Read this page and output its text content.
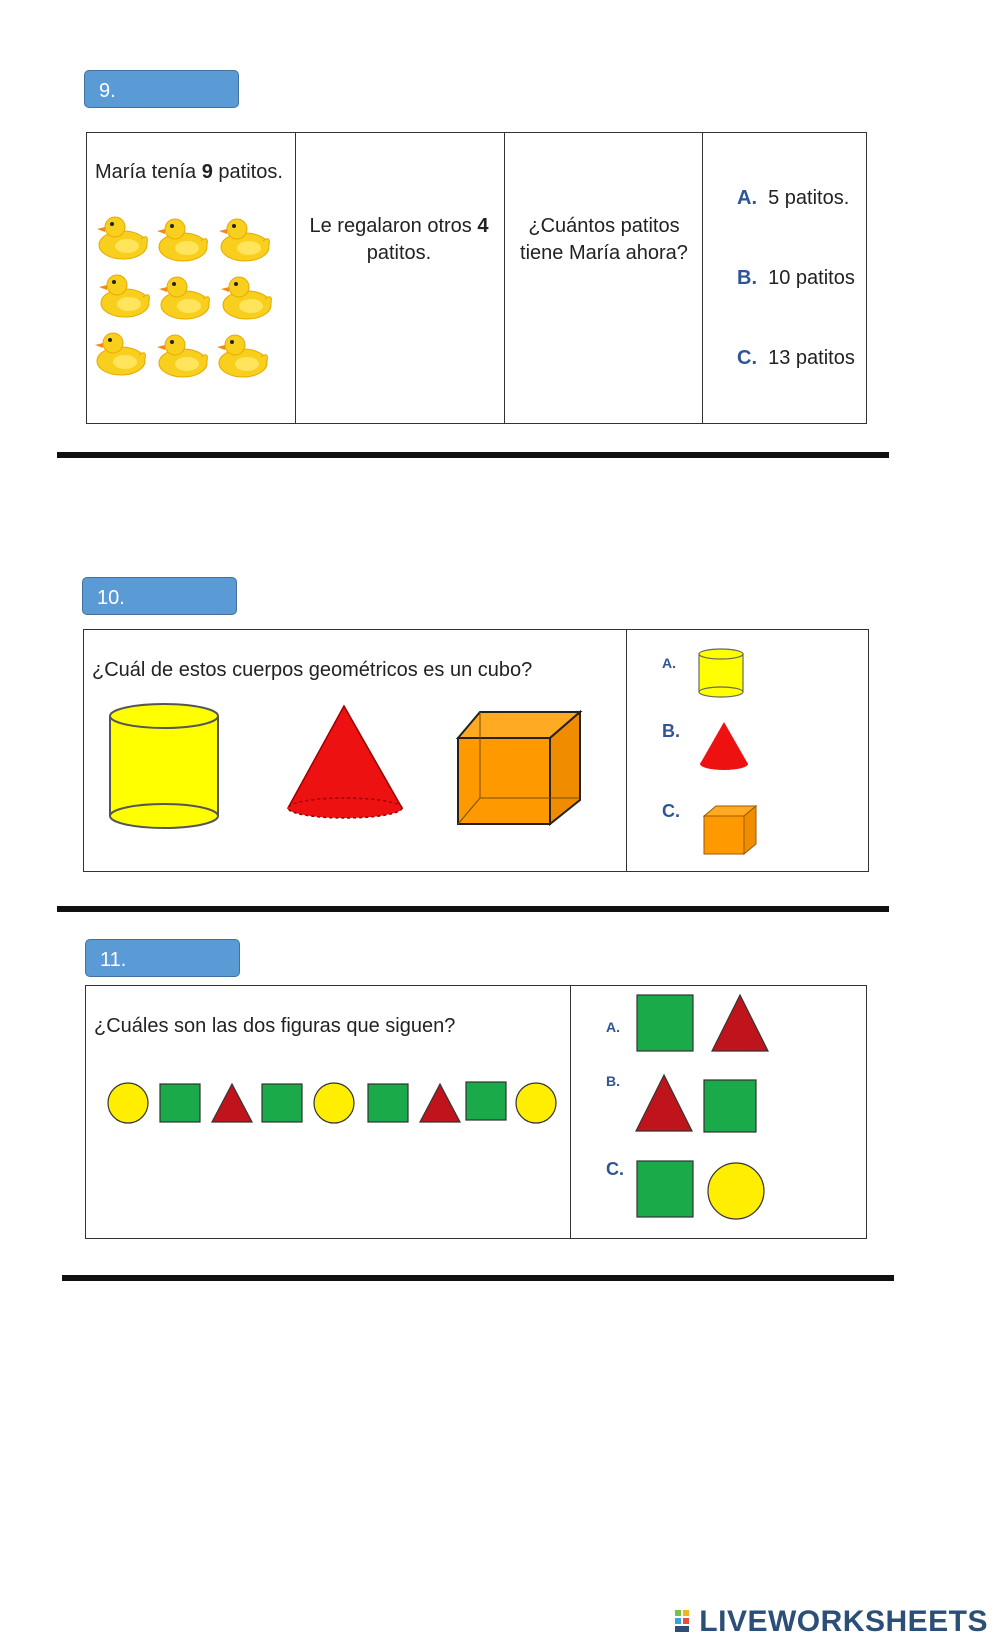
9.
María tenía 9 patitos.
Le regalaron otros 4 patitos.
¿Cuántos patitos tiene María ahora?
A. 5 patitos.
B. 10 patitos
C. 13 patitos
10.
¿Cuál de estos cuerpos geométricos es un cubo?	A.
B.
C.
11.
¿Cuáles son las dos figuras que siguen?	A.
B.
C.
LIVEWORKSHEETS
